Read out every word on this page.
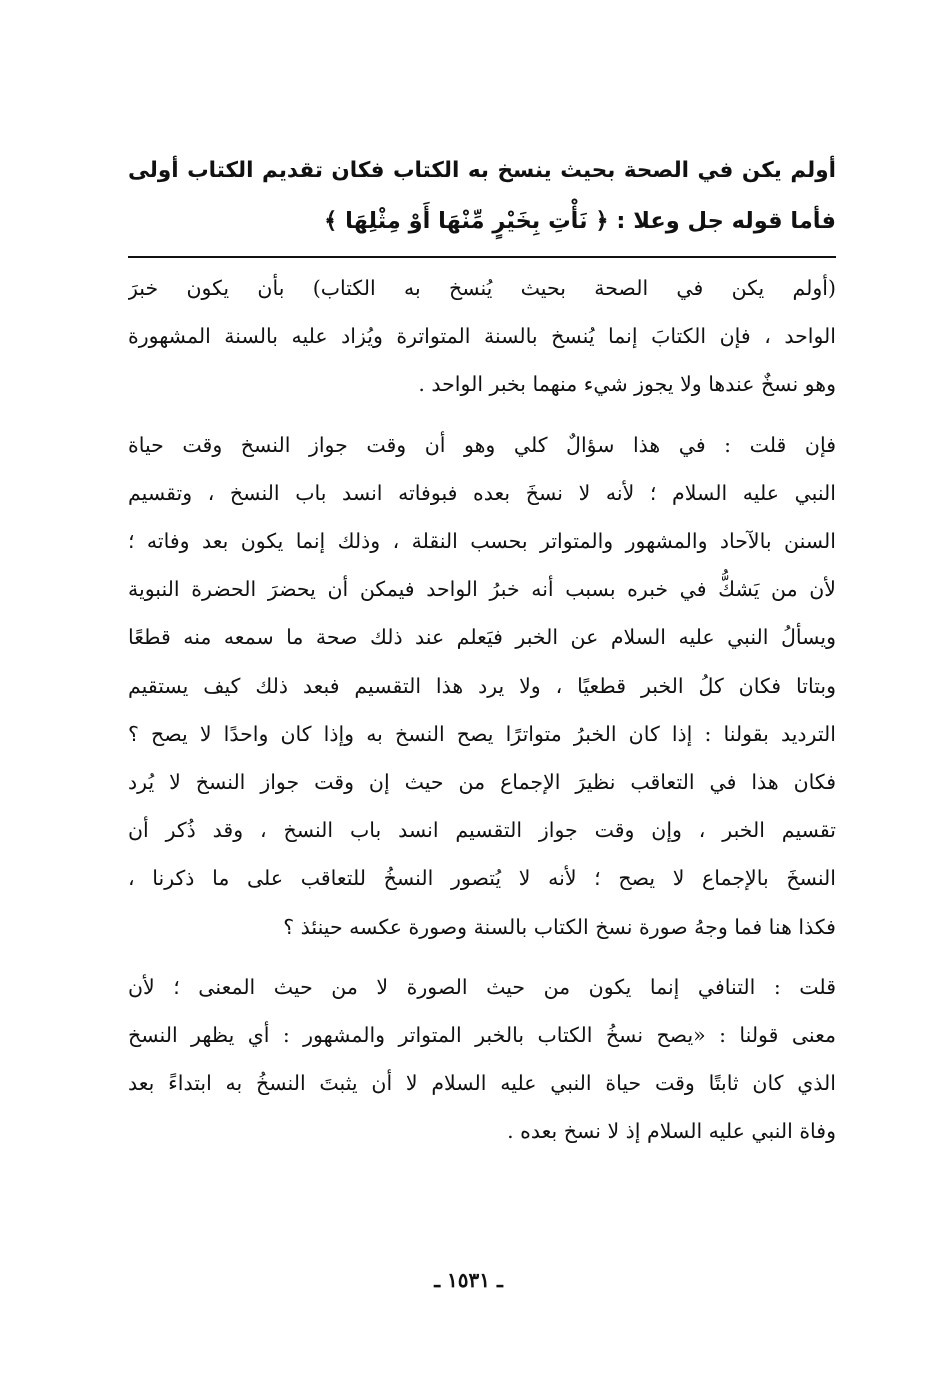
أولم يكن في الصحة بحيث ينسخ به الكتاب فكان تقديم الكتاب أولى
فأما قوله جل وعلا : ﴿ نَأْتِ بِخَيْرٍ مِّنْهَا أَوْ مِثْلِهَا ﴾
(أولم يكن في الصحة بحيث يُنسخ به الكتاب) بأن يكون خبرَ
الواحد ، فإن الكتابَ إنما يُنسخ بالسنة المتواترة ويُزاد عليه بالسنة المشهورة
وهو نسخٌ عندها ولا يجوز شيء منهما بخبر الواحد .
فإن قلت : في هذا سؤالٌ كلي وهو أن وقت جواز النسخ وقت حياة
النبي عليه السلام ؛ لأنه لا نسخَ بعده فبوفاته انسد باب النسخ ، وتقسيم
السنن بالآحاد والمشهور والمتواتر بحسب النقلة ، وذلك إنما يكون بعد وفاته ؛
لأن من يَشكُّ في خبره بسبب أنه خبرُ الواحد فيمكن أن يحضرَ الحضرة النبوية
ويسألُ النبي عليه السلام عن الخبر فيَعلم عند ذلك صحة ما سمعه منه قطعًا
وبتاتا فكان كلُ الخبر قطعيًا ، ولا يرد هذا التقسيم فبعد ذلك كيف يستقيم
الترديد بقولنا : إذا كان الخبرُ متواترًا يصح النسخ به وإذا كان واحدًا لا يصح ؟
فكان هذا في التعاقب نظيرَ الإجماع من حيث إن وقت جواز النسخ لا يُرد
تقسيم الخبر ، وإن وقت جواز التقسيم انسد باب النسخ ، وقد ذُكر أن
النسخَ بالإجماع لا يصح ؛ لأنه لا يُتصور النسخُ للتعاقب على ما ذكرنا ،
فكذا هنا فما وجهُ صورة نسخ الكتاب بالسنة وصورة عكسه حينئذ ؟
قلت : التنافي إنما يكون من حيث الصورة لا من حيث المعنى ؛ لأن
معنى قولنا : «يصح نسخُ الكتاب بالخبر المتواتر والمشهور : أي يظهر النسخ
الذي كان ثابتًا وقت حياة النبي عليه السلام لا أن يثبتَ النسخُ به ابتداءً بعد
وفاة النبي عليه السلام إذ لا نسخ بعده .
ـ ١٥٣١ ـ
